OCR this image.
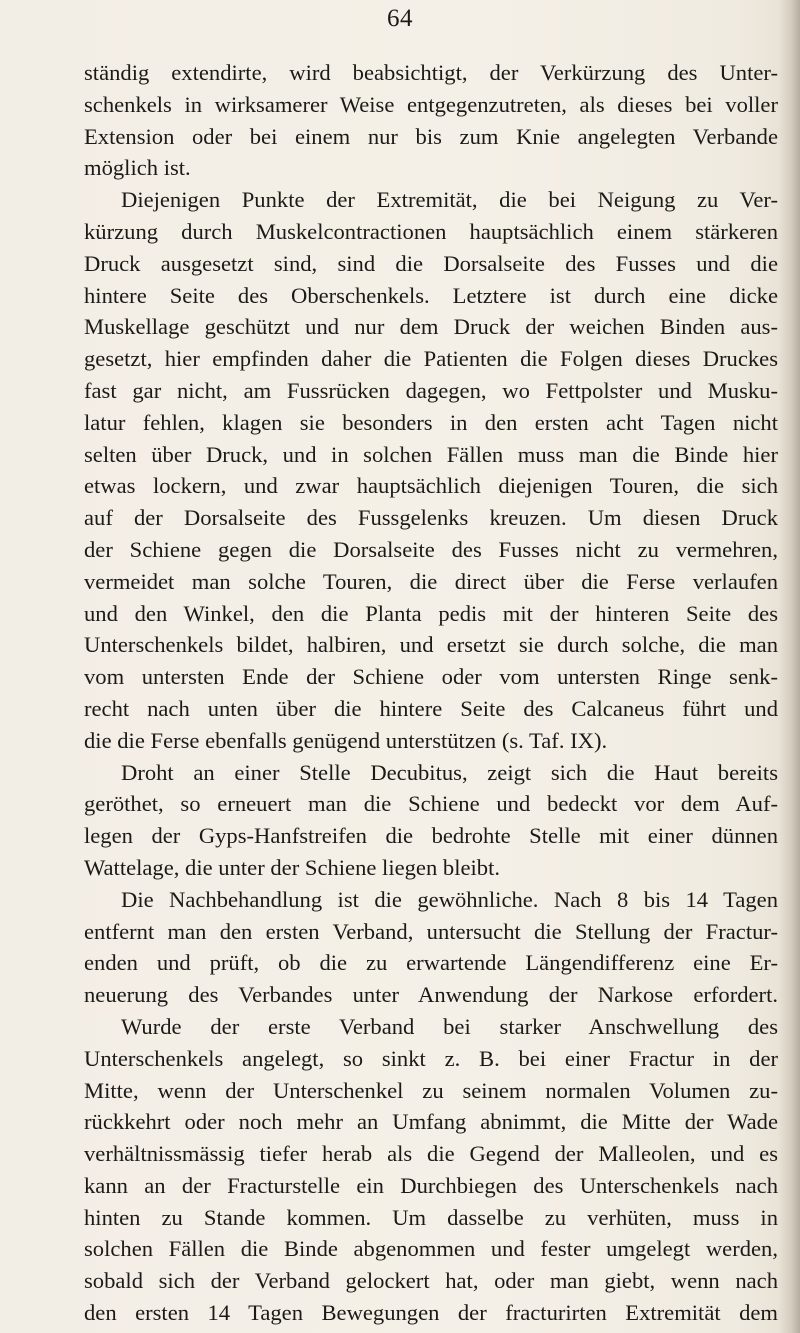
64
ständig extendirte, wird beabsichtigt, der Verkürzung des Unter-
schenkels in wirksamerer Weise entgegenzutreten, als dieses bei voller
Extension oder bei einem nur bis zum Knie angelegten Verbande
möglich ist.
Diejenigen Punkte der Extremität, die bei Neigung zu Ver-
kürzung durch Muskelcontractionen hauptsächlich einem stärkeren
Druck ausgesetzt sind, sind die Dorsalseite des Fusses und die
hintere Seite des Oberschenkels. Letztere ist durch eine dicke
Muskellage geschützt und nur dem Druck der weichen Binden aus-
gesetzt, hier empfinden daher die Patienten die Folgen dieses Druckes
fast gar nicht, am Fussrücken dagegen, wo Fettpolster und Musku-
latur fehlen, klagen sie besonders in den ersten acht Tagen nicht
selten über Druck, und in solchen Fällen muss man die Binde hier
etwas lockern, und zwar hauptsächlich diejenigen Touren, die sich
auf der Dorsalseite des Fussgelenks kreuzen. Um diesen Druck
der Schiene gegen die Dorsalseite des Fusses nicht zu vermehren,
vermeidet man solche Touren, die direct über die Ferse verlaufen
und den Winkel, den die Planta pedis mit der hinteren Seite des
Unterschenkels bildet, halbiren, und ersetzt sie durch solche, die man
vom untersten Ende der Schiene oder vom untersten Ringe senk-
recht nach unten über die hintere Seite des Calcaneus führt und
die die Ferse ebenfalls genügend unterstützen (s. Taf. IX).
Droht an einer Stelle Decubitus, zeigt sich die Haut bereits
geröthet, so erneuert man die Schiene und bedeckt vor dem Auf-
legen der Gyps-Hanfstreifen die bedrohte Stelle mit einer dünnen
Wattelage, die unter der Schiene liegen bleibt.
Die Nachbehandlung ist die gewöhnliche. Nach 8 bis 14 Tagen
entfernt man den ersten Verband, untersucht die Stellung der Fractur-
enden und prüft, ob die zu erwartende Längendifferenz eine Er-
neuerung des Verbandes unter Anwendung der Narkose erfordert.
Wurde der erste Verband bei starker Anschwellung des
Unterschenkels angelegt, so sinkt z. B. bei einer Fractur in der
Mitte, wenn der Unterschenkel zu seinem normalen Volumen zu-
rückkehrt oder noch mehr an Umfang abnimmt, die Mitte der Wade
verhältnissmässig tiefer herab als die Gegend der Malleolen, und es
kann an der Fracturstelle ein Durchbiegen des Unterschenkels nach
hinten zu Stande kommen. Um dasselbe zu verhüten, muss in
solchen Fällen die Binde abgenommen und fester umgelegt werden,
sobald sich der Verband gelockert hat, oder man giebt, wenn nach
den ersten 14 Tagen Bewegungen der fracturirten Extremität dem
